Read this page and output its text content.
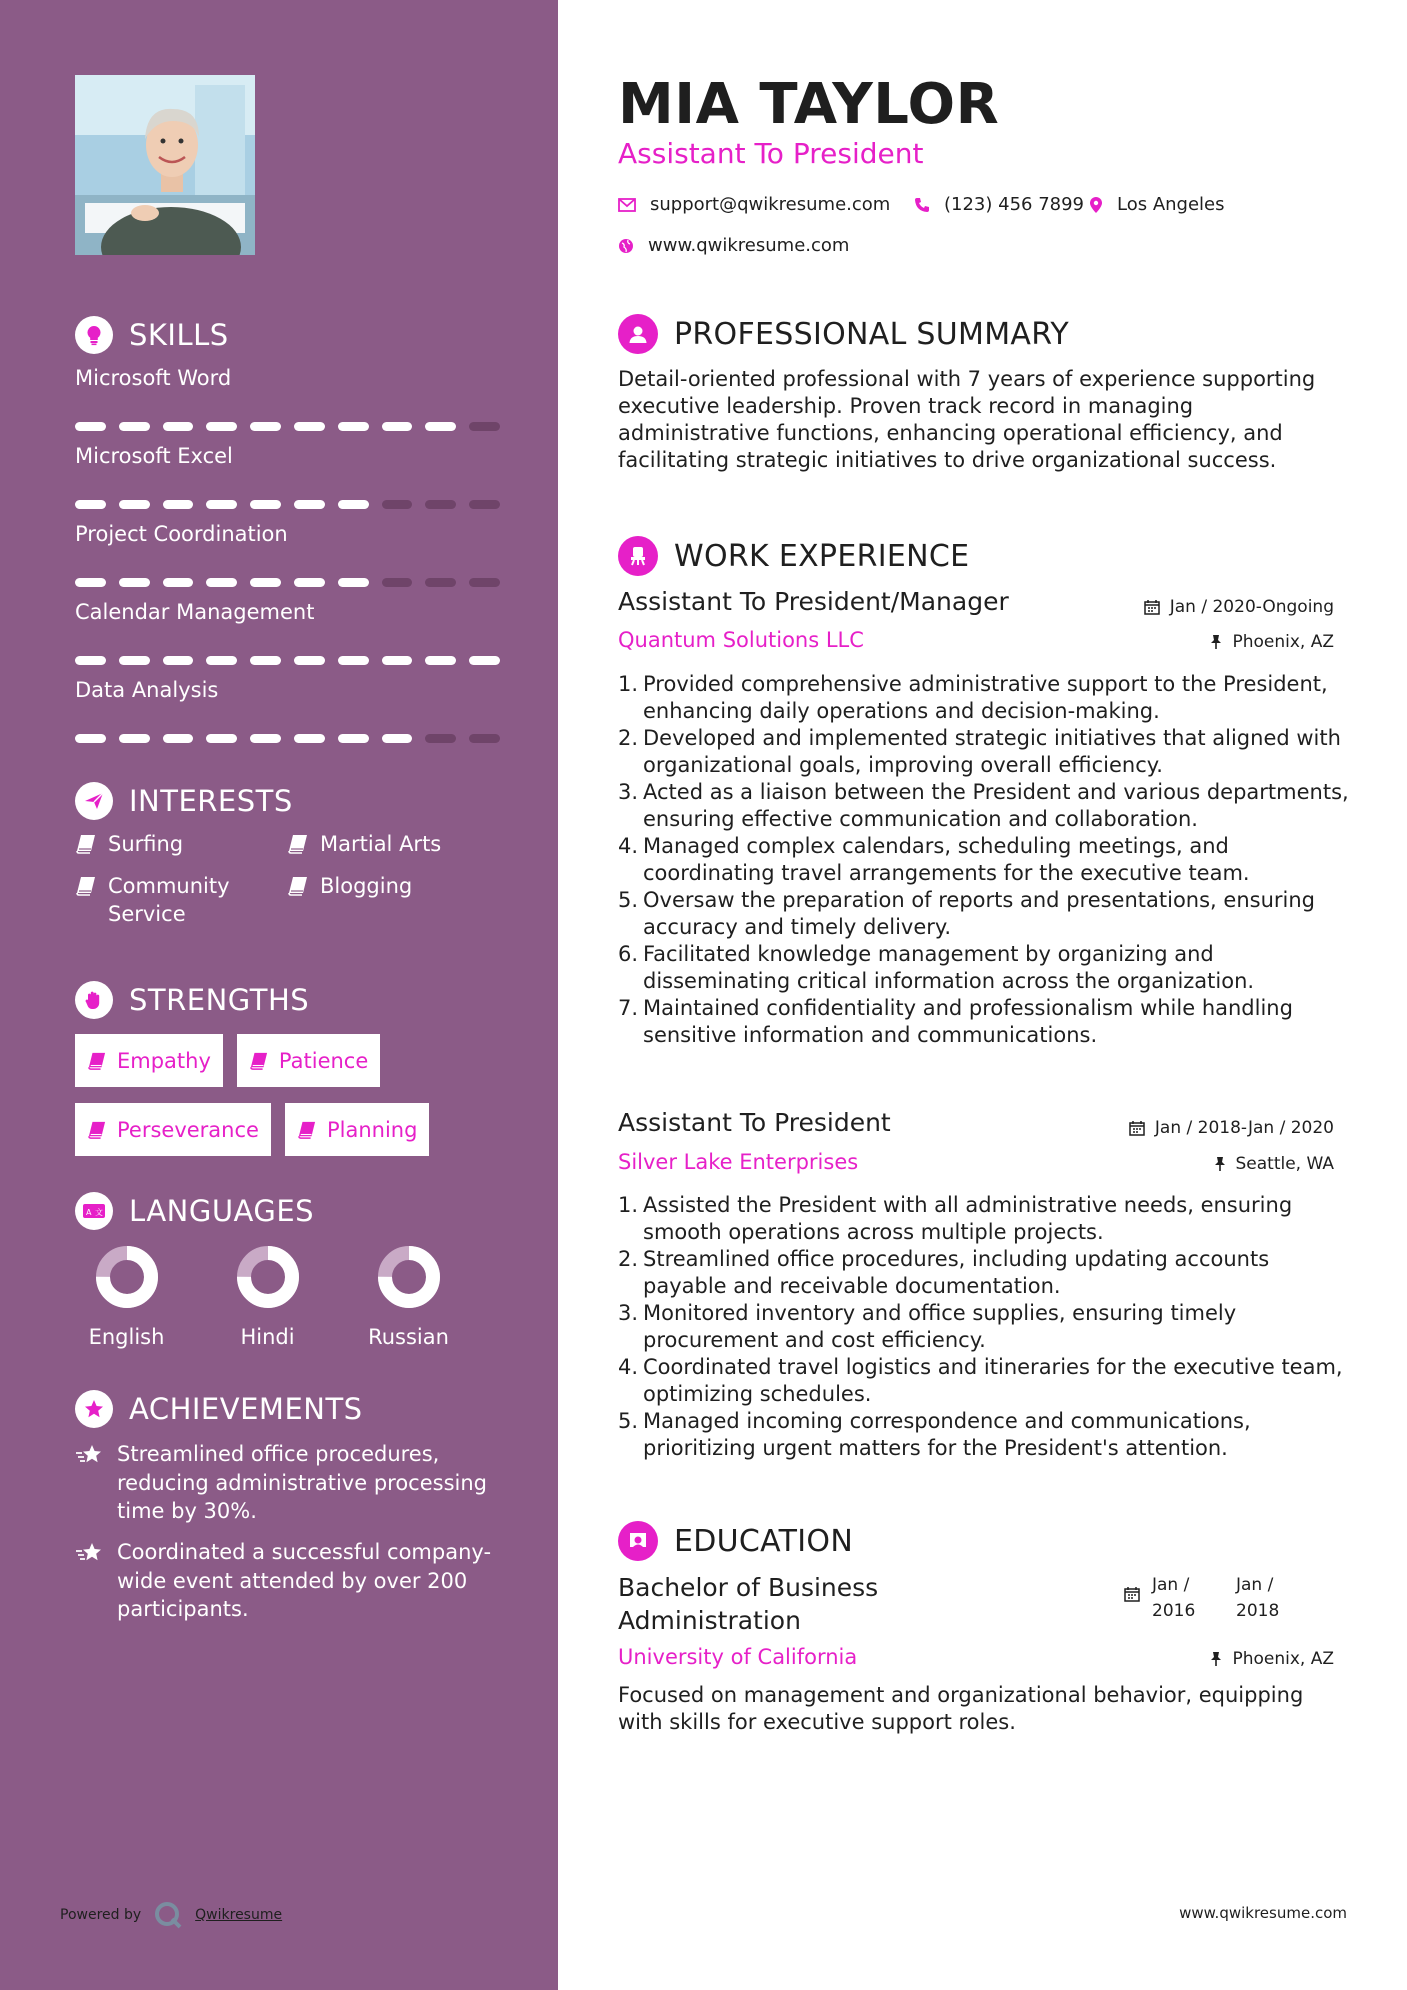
SKILLS
Microsoft Word
Microsoft Excel
Project Coordination
Calendar Management
Data Analysis
INTERESTS
Surfing	Martial Arts
Community Service
Blogging
STRENGTHS
Empathy	Patience
Perseverance	Planning
A 文 LANGUAGES
English	Hindi	Russian
ACHIEVEMENTS
Streamlined office procedures, reducing administrative processing time by 30%.
Coordinated a successful company-wide event attended by over 200 participants.
Powered by	Qwikresume
MIA TAYLOR
Assistant To President
support@qwikresume.com	(123) 456 7899 Los Angeles
www.qwikresume.com
PROFESSIONAL SUMMARY
Detail-oriented professional with 7 years of experience supporting executive leadership. Proven track record in managing administrative functions, enhancing operational efficiency, and facilitating strategic initiatives to drive organizational success.
WORK EXPERIENCE
Assistant To President/Manager	Jan / 2020-Ongoing
Quantum Solutions LLC	Phoenix, AZ
1. Provided comprehensive administrative support to the President, enhancing daily operations and decision-making.
2. Developed and implemented strategic initiatives that aligned with organizational goals, improving overall efficiency.
3. Acted as a liaison between the President and various departments, ensuring effective communication and collaboration.
4. Managed complex calendars, scheduling meetings, and coordinating travel arrangements for the executive team.
5. Oversaw the preparation of reports and presentations, ensuring accuracy and timely delivery.
6. Facilitated knowledge management by organizing and disseminating critical information across the organization.
7. Maintained confidentiality and professionalism while handling sensitive information and communications.
Assistant To President	Jan / 2018-Jan / 2020
Silver Lake Enterprises	Seattle, WA
1. Assisted the President with all administrative needs, ensuring smooth operations across multiple projects.
2. Streamlined office procedures, including updating accounts payable and receivable documentation.
3. Monitored inventory and office supplies, ensuring timely procurement and cost efficiency.
4. Coordinated travel logistics and itineraries for the executive team, optimizing schedules.
5. Managed incoming correspondence and communications, prioritizing urgent matters for the President's attention.
EDUCATION
Bachelor of Business Administration
Jan / 2016
Jan / 2018
University of California	Phoenix, AZ
Focused on management and organizational behavior, equipping with skills for executive support roles.
www.qwikresume.com
